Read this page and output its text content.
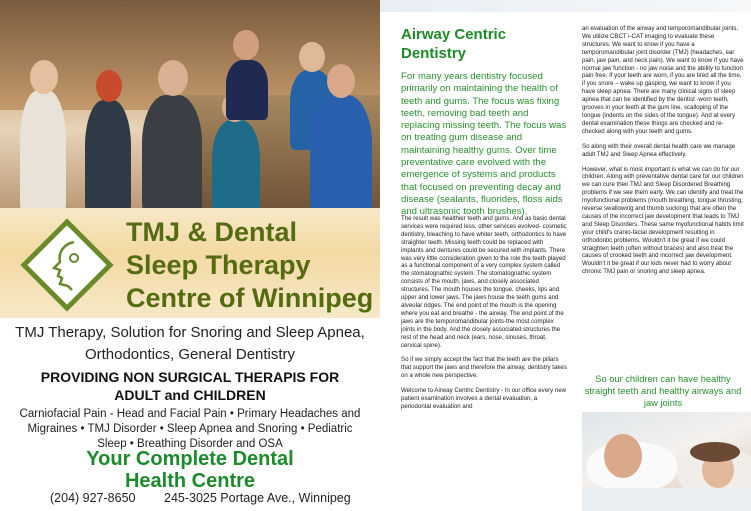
TMJ & Dental Sleep Therapy Centre of Winnipeg
TMJ Therapy, Solution for Snoring and Sleep Apnea,
Orthodontics, General Dentistry
PROVIDING NON SURGICAL THERAPIS FOR ADULT and CHILDREN
Carniofacial Pain - Head and Facial Pain • Primary Headaches and Migraines • TMJ Disorder • Sleep Apnea and Snoring • Pediatric Sleep • Breathing Disorder and OSA
Your Complete Dental Health Centre
(204) 927-8650 245-3025 Portage Ave., Winnipeg
Airway Centric Dentistry
For many years dentistry focused primarily on maintaining the health of teeth and gums. The focus was fixing teeth, removing bad teeth and replacing missing teeth. The focus was on treating gum disease and maintaining healthy gums. Over time preventative care evolved with the emergence of systems and products that focused on preventing decay and disease (sealants, fluorides, floss aids and ultrasonic tooth brushes).

The result was healthier teeth and gums. And as basic dental services were required less, other services evolved- cosmetic dentistry, bleaching to have whiter teeth, orthodontics to have straighter teeth. Missing teeth could be replaced with implants and dentures could be secured with implants. There was very little consideration given to the role the teeth played as a functional component of a very complex system called the stomatognathic system. The stomatognathic system consists of the mouth, jaws, and closely associated structures. The mouth houses the tongue, cheeks, lips and upper and lower jaws. The jaws house the teeth gums and alveolar ridges. The end point of the mouth is the opening where you eat and breathe - the airway. The end point of the jaws are the temporomandibular joints-the most complex joints in the body. And the closely associated structures the rest of the head and neck (ears, nose, sinuses, throat, cervical spine).

So if we simply accept the fact that the teeth are the pillars that support the jaws and therefore the airway, dentistry takes on a whole new perspective.

Welcome to Airway Centric Dentistry - In our office every new patient examination involves a dental evaluation, a periodontal evaluation and

an evaluation of the airway and temporomandibular joints. We utilize CBCT i-CAT imaging to evaluate these structures. We want to know if you have a temporomandibular joint disorder (TMJ) (headaches, ear pain, jaw pain, and neck pain). We want to know if you have normal jaw function - no jaw noise and the ability to function pain free. If your teeth are worn, if you are tired all the time, if you snore – wake up gasping, we want to know if you have sleep apnea. There are many clinical signs of sleep apnea that can be identified by the dentist -worn teeth, grooves in your teeth at the gum line, scalloping of the tongue (indents on the sides of the tongue). And at every dental examination these things are checked and re-checked along with your teeth and gums.

So along with their overall dental health care we manage adult TMJ and Sleep Apnea effectively.

However, what is most important is what we can do for our children. Along with preventative dental care for our children we can cure their TMJ and Sleep Disordered Breathing problems if we see them early. We can identify and treat the myofunctional problems (mouth breathing, tongue thrusting, reverse swallowing and thumb sucking) that are often the causes of the incorrect jaw development that leads to TMJ and Sleep Disorders. These same myofunctional habits limit your child's cranio-facial development resulting in orthodontic problems. Wouldn't it be great if we could straighten teeth (often without braces) and also treat the causes of crooked teeth and incorrect jaw development. Wouldn't it be great if our kids never had to worry about chronic TMJ pain or snoring and sleep apnea.

So our children can have healthy straight teeth and healthy airways and jaw joints
